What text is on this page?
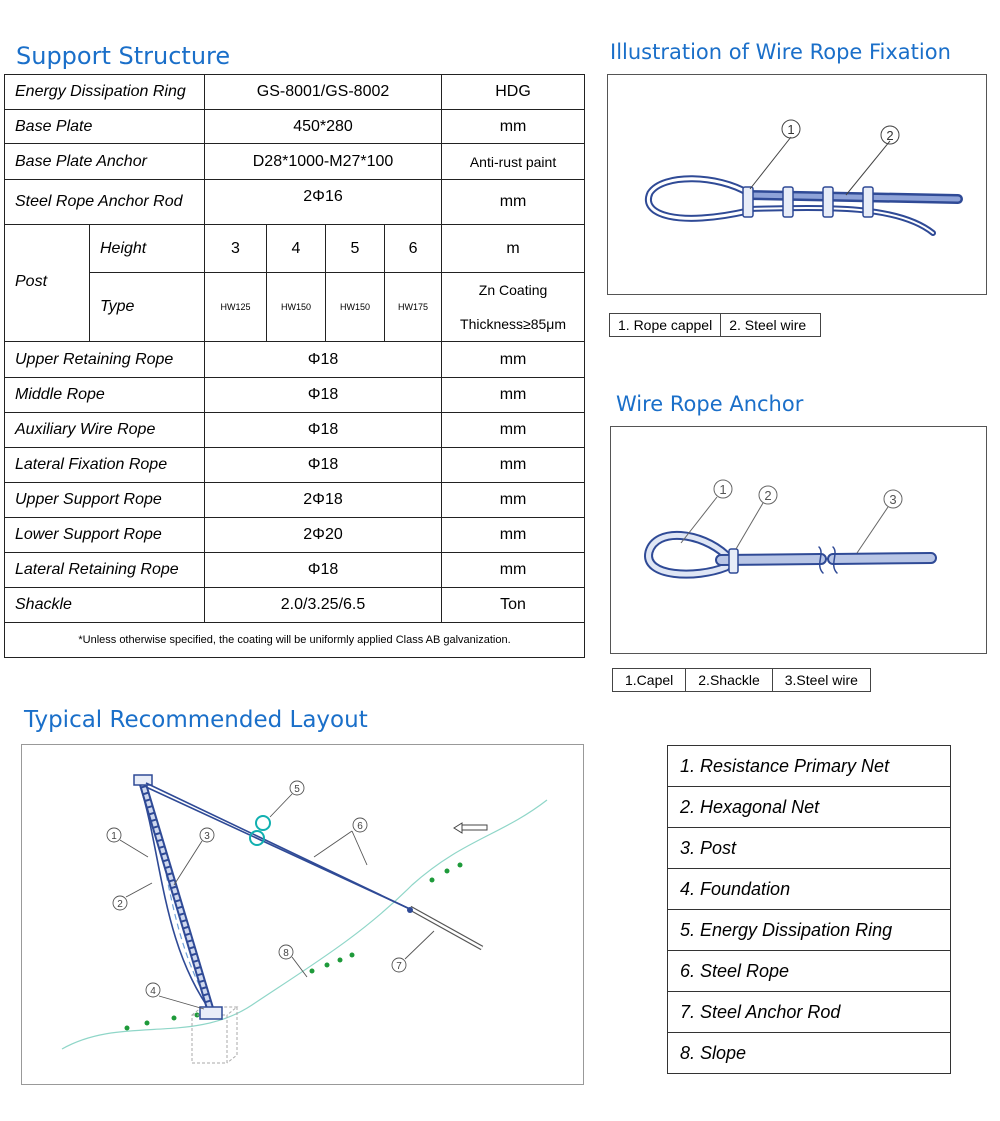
Support Structure
Energy Dissipation Ring		GS-8001/GS-8002				HDG
Base Plate		450*280				mm
Base Plate Anchor		D28*1000-M27*100				Anti-rust paint
Steel Rope Anchor Rod		2Φ16				mm
Post	Height	3	4	5	6	m
	Type	HW125	HW150	HW150	HW175	Zn Coating
Thickness≥85μm

Upper Retaining Rope		Φ18				mm
Middle Rope		Φ18				mm
Auxiliary Wire Rope		Φ18				mm
Lateral Fixation Rope		Φ18				mm
Upper Support Rope		2Φ18				mm
Lower Support Rope		2Φ20				mm
Lateral Retaining Rope		Φ18				mm
Shackle		2.0/3.25/6.5				Ton
*Unless otherwise specified, the coating will be uniformly applied Class AB galvanization.						
Illustration of Wire Rope Fixation
1	2
1. Rope cappel	2. Steel wire
Wire Rope Anchor
1	2	3
1.Capel	2.Shackle	3.Steel wire
Typical Recommended Layout
1
2
3
4
5
6
7
8
1. Resistance Primary Net
2. Hexagonal Net
3. Post
4. Foundation
5. Energy Dissipation Ring
6. Steel Rope
7. Steel Anchor Rod
8. Slope
